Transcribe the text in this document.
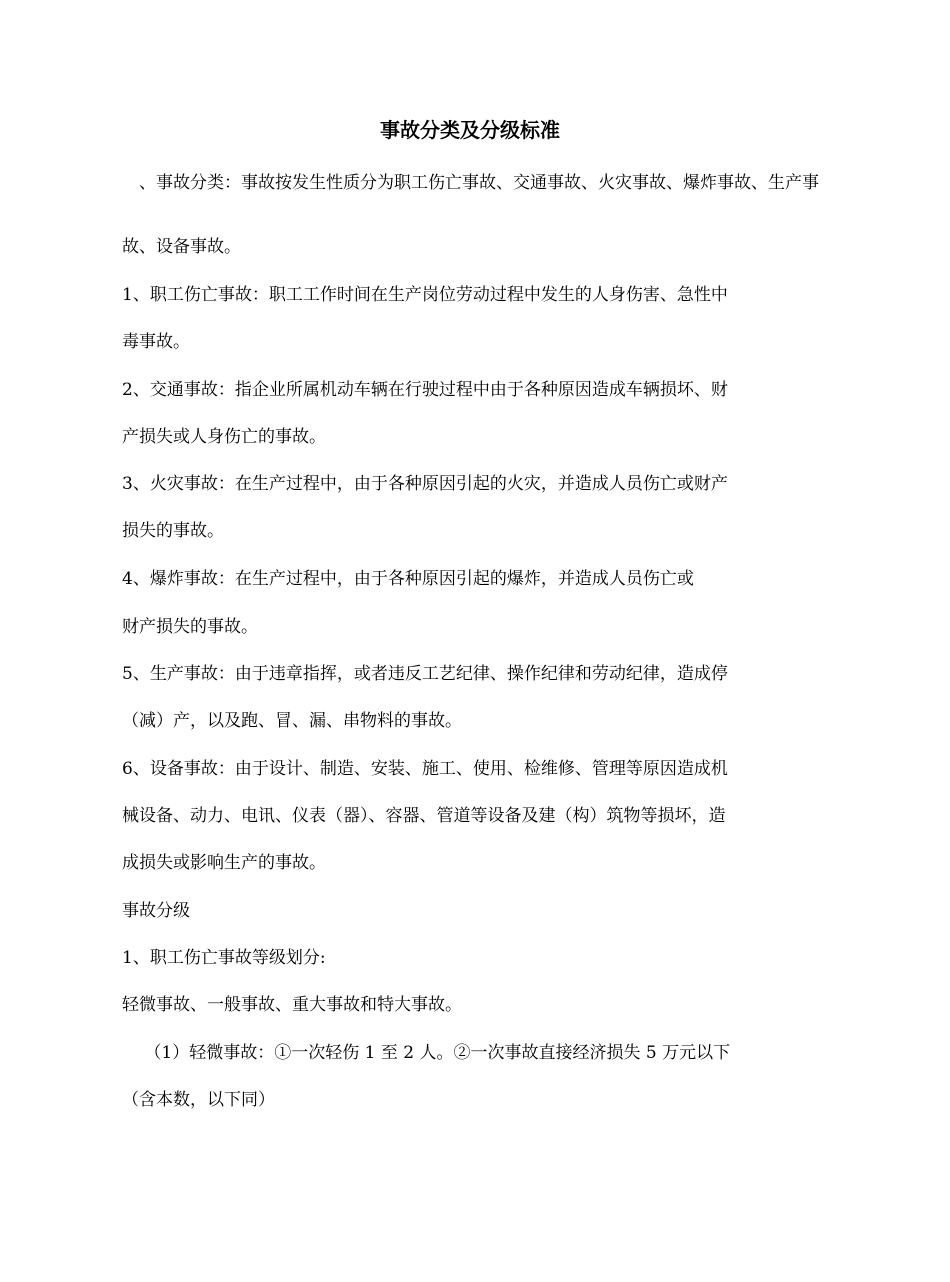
事故分类及分级标准

　、事故分类：事故按发生性质分为职工伤亡事故、交通事故、火灾事故、爆炸事故、生产事

故、设备事故。

1、职工伤亡事故：职工工作时间在生产岗位劳动过程中发生的人身伤害、急性中

毒事故。

2、交通事故：指企业所属机动车辆在行驶过程中由于各种原因造成车辆损坏、财

产损失或人身伤亡的事故。

3、火灾事故：在生产过程中，由于各种原因引起的火灾，并造成人员伤亡或财产

损失的事故。

4、爆炸事故：在生产过程中，由于各种原因引起的爆炸，并造成人员伤亡或

财产损失的事故。

5、生产事故：由于违章指挥，或者违反工艺纪律、操作纪律和劳动纪律，造成停

（减）产，以及跑、冒、漏、串物料的事故。

6、设备事故：由于设计、制造、安装、施工、使用、检维修、管理等原因造成机

械设备、动力、电讯、仪表（器）、容器、管道等设备及建（构）筑物等损坏，造

成损失或影响生产的事故。

事故分级

1、职工伤亡事故等级划分:

轻微事故、一般事故、重大事故和特大事故。

　 （1）轻微事故：①一次轻伤 1 至 2 人。②一次事故直接经济损失 5 万元以下

（含本数，以下同）
